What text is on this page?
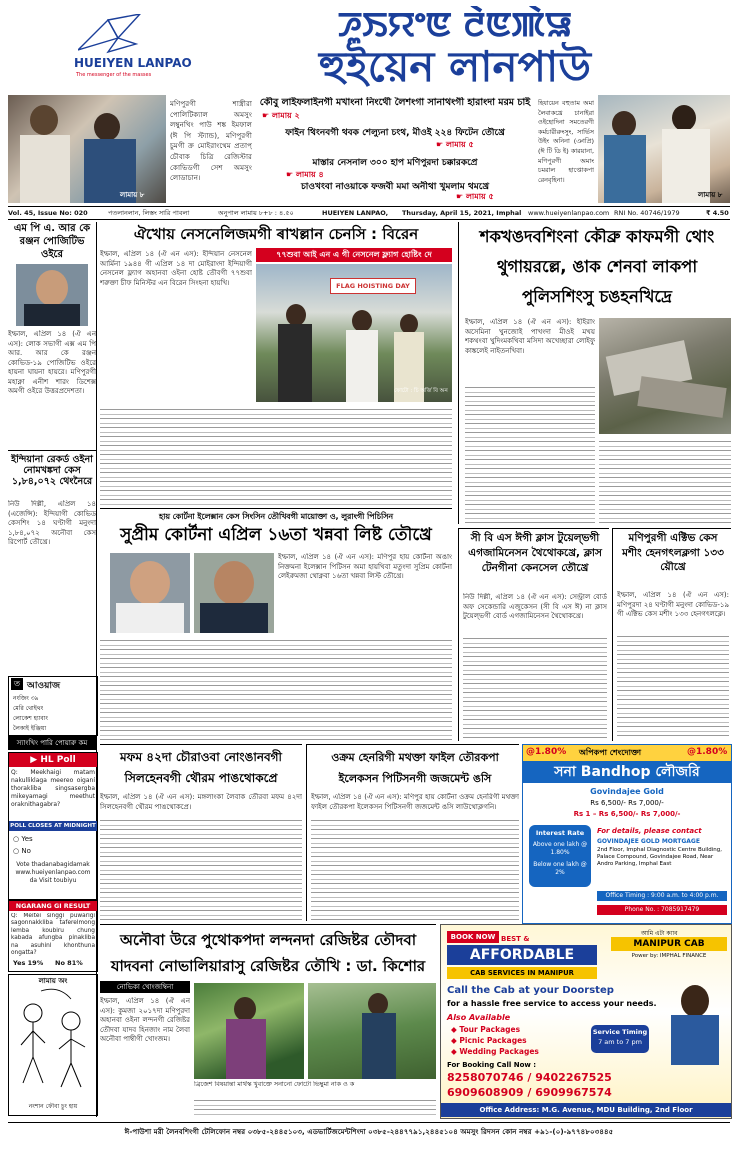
HUEIYEN LANPAO
The messenger of the masses
ꯍꯨꯏꯌꯦꯟ ꯂꯥꯟꯄꯥꯎ
হুইয়েন লানপাউ
লামায় ৮
মণিপুরগী শাস্ত্রীরা পোলিটিক্যাল অমসুং লম্বুনখিং পাউ শঙ্ক ইমফাল (ঈ পি স্ট্যান্ড), মণিপুরগী চুমগী ক্র মোইরাংথেম প্রতাপ্ চৌবাক চিত্রি রেজিস্টার কোভিডগী সেশ অমসুং লোডাচান।
কৌবু লাইফলাইনগী মখাংনা নিংথৌ লৈশংগা সানাথংগী হারাংদা মরম চাই
☛ লামায় ২
ফাইন থিংনবগী থবক শেল্যুনা চংথ, মীওই ২২৪ ফিটেন তৌখ্রে
☛ লামায় ৫
মাস্তার নেসনাল ৩০০ হাপ মণিপুরদা চক্কারকপ্রে
☛ লামায় ৪
চাওখংবা নাওয়াকে ফজবী মমা অনীথা খুমলাম থমখ্রে
☛ লামায় ৫
হিযায়েন বহুতাম অমা লৈবাকখ্রে চানাইরা ওইহোদিনা সমতেরগী কর্মচারীরুংসুং, সার্ভিস উইং অনিনা (ঞাপ্রি) (ঈ টি ডি ই) কারয়ানা, মণিপুরগী অমাং চমরাল হাপ্তোকপা রেনবৃহিনা।
লামায় ৮
Vol. 45, Issue No: 020	পতলানলান, লিস্তং সারি পাবলা	অনুপাল লামায় ৮+৮ : ৪.৫০	HUEIYEN LANPAO, Thursday, April 15, 2021, Imphal www.hueiyenlanpao.com RNI No. 40746/1979	₹ 4.50
এম পি এ. আর কে রঞ্জন পোজিটিভ ওইরে
ইম্ফাল, এপ্রিল ১৪ (ঐ এন এস): লোক সভাগী এক্স এম পি আর. আর কে রঞ্জন কোভিড-১৯ পোজিটিভ ওইরে হায়না ঘায়না হায়রে। মণিপুরগী মহাক্না এনীশ শারং ডিশেক্স অমগী ওইরে উত্তরপ্রদেশতা।
ইন্দিয়ানা রেকর্ড ওইনা নোমখঙ্কদা কেস ১,৮৪,০৭২ থেংনৈরে
নিউ দিল্লী, এপ্রিল ১৪ (এজেন্সি): ইন্দিয়াগী কোভিড কেসশিং ১৪ ঘণ্টাগী মনুংদা ১,৮৪,০৭২ অনৌবা কেস রিপোর্ট তৌখ্রে।
আওয়াজ
ত
নংজিং ৩৯
মেরি থোইথং
লোকেশ হ্যাবাং
লৈকাই ইঞ্জিয়া
স্যাংখিং পারি পোয়ারু কম
▶ HL Poll
Q: Meekhaigi matam nakulliklaga meereo oiganí thorakliba singsasergba mikeyamagi meethut oraknithagabra?
POLL CLOSES AT MIDNIGHT
○ Yes
○ No
Vote thadanabagidamak www.hueiyenlanpao.com da Visit toubiyu
NGARANG GI RESULT
Q: Meitei singgi puwarigi sagonnakkliba taferelmong lemba koubiru chung kabada afungba pinakliba na asuhinl khonthuna ongatta?
Yes 19% No 81%
লামায় অং
নংশান ফৌবা চুং হায়
ঐখোয় নেসনেলিজমগী ৰাখল্লান চেনসি : বিরেন
৭৭শুবা আই এন এ গী নেসনেল ফ্ল্যাগ হোষ্টিং দে
ইম্ফাল, এপ্রিল ১৪ (ঐ এন এস): ইন্দিয়ান নেসনেল আর্মিনা ১৯৪৪ গী এপ্রিল ১৪ দা মোইরাংদা ইন্দিয়াগী নেসনেল ফ্ল্যাগ অহানবা ওইনা হোষ্ট তৌবগী ৭৭শুবা শরুক্তা চীফ মিনিস্টর এন বিরেন সিংহনা হায়খি।	FLAG HOISTING DAY
ফোটো : চি অর্জি বি অন
শকখঙদবশিংনা কৌব্রু কাফমগী থোং থুগায়রল্লে, ঙাক শেনবা লাকপা পুলিসশিংসু চঙহনখিদ্রে
ইম্ফাল, এপ্রিল ১৪ (ঐ এন এস): হীইরাং অসেমিনা খুনজোই পাখংদা মীওই মখয় শকথংবা খুদিংমকখিবা মসিদা অখেচ্ছারা লোইফু কাঙ্কলেই নাইতনখিবা।
হায় কোর্টনা ইলেক্সান কেস সিংসিন তৌখিবগী মায়োক্তা ও, লুরাংগী পিচিসিন
সুপ্রীম কোর্টনা এপ্রিল ১৬তা খন্নবা লিষ্ট তৌখ্রে
ইম্ফাল, এপ্রিল ১৪ (ঐ এন এস): মণিপুর হায় কোর্টনা অঙাং নিক্তমনা ইলেক্সান পিটিসন অমা হায়খিবা মতুংদা সুপ্রিম কোর্টনা লেইরুমজা থোক্নবা ১৬তা খন্নবা লিস্ট তৌখ্রে।
সী বি এস ঈগী ক্লাস টুয়েল্ভগী এগজামিনেসন থৈথোকখ্রে, ক্লাস টেনগীনা কেনসেল তৌখ্রে
নিউ দিল্লী, এপ্রিল ১৪ (ঐ এন এস): সেন্ট্রাল বোর্ড অফ সেকেন্ডারি এজুকেসন (সী বি এস ঈ) না ক্লাস টুয়েল্ভগী বোর্ড এগজামিনেসন থৈথোকখ্রে।
মণিপুরগী এক্টিভ কেস মশীং হেনগৎলক্লগা ১৩৩ য়ৌখ্রে
ইম্ফাল, এপ্রিল ১৪ (ঐ এন এস): মণিপুরদা ২৪ ঘণ্টাগী মনুংদা কোভিড-১৯ গী এক্টিভ কেস মশীং ১৩৩ হেনগৎলক্লে।
মফম ৪২দা চৌরাওবা নোংঙানবগী সিলহেনবগী থৌরম পাঙথোকপ্রে
ইম্ফাল, এপ্রিল ১৪ (ঐ এন এস): মঙ্গলাংকা লৈবাক তৌরবা মফম ৪২দা সিলহেনবগী থৌরম পাঙথোকপ্রে।
ওক্রম হেনরিগী মথক্তা ফাইল তৌরকপা ইলেকসন পিটিসনগী জজমেন্ট ঙসি
ইম্ফাল, এপ্রিল ১৪ (ঐ এন এস): মণিপুর হায় কোর্টনা ওক্রম হেনরিগী মথক্তা ফাইল তৌরকপা ইলেকসন পিটিসনগী জজমেন্ট ঙসি লাউথোক্লগনি।
@1.80% অপিকপা শেংদোক্তা	@1.80%
সনা Bandhop লৌজরি
Govindajee Gold
Rs 6,500/- Rs 7,000/-
Rs 1 – Rs 6,500/- Rs 7,000/-
Interest Rate
Above one lakh @ 1.80%
Below one lakh @ 2%
For details, please contact
GOVINDAJEE GOLD MORTGAGE
2nd Floor, Imphal Diagnostic Centre Building, Palace Compound, Govindajee Road, Near Andro Parking, Imphal East
Office Timing : 9:00 a.m. to 4:00 p.m.
Phone No. : 7085917479
অনৌবা উরে পুথোকপদা লন্দনদা রেজিষ্টর তৌদবা যাদবনা নোভালিয়ারাসু রেজিষ্টর তৌখি : ডা. কিশোর
নোভিকা খোংজম্বিনা
ইম্ফাল, এপ্রিল ১৪ (ঐ এন এস): কুমজা ২০১৭দা মণিপুরদা অহানবা ওইনা লন্দনগী রেজিষ্টর তৌদবা যাদব হিনজাং নাম লৈবা অনৌবা পাম্বীগী খোংজম।
ব্রিজেশ বিষয়ান্তা মার্থস্ক খুবাক্তে সনানো ফোটো ভিম্বুমা নাক ও ক
BOOK NOW BEST &
AFFORDABLE
CAB SERVICES IN MANIPUR
আমি এটা ক্যাব
MANIPUR CAB
Power by: IMPHAL FINANCE
Call the Cab at your Doorstep
for a hassle free service to access your needs.
Also Available
◆ Tour Packages
◆ Picnic Packages
◆ Wedding Packages
Service Timing
7 am to 7 pm
For Booking Call Now :
8258070746 / 9402267525
6909608909 / 6909967574
Office Address: M.G. Avenue, MDU Building, 2nd Floor
ঈ-পাউশা মরী লৈনবশিংগী টেলিফোন নম্বর ০৩৮৫-২৪৪৫১০৩, এডভার্টিজমেন্টশিংদা ০৩৮৫-২৪৪৭৭৯১,২৪৪৫১০৪ অমসুং রিদসন কোন নম্বর +৯১-(০)-৯৭৭৪৮০৩৪৪৫
